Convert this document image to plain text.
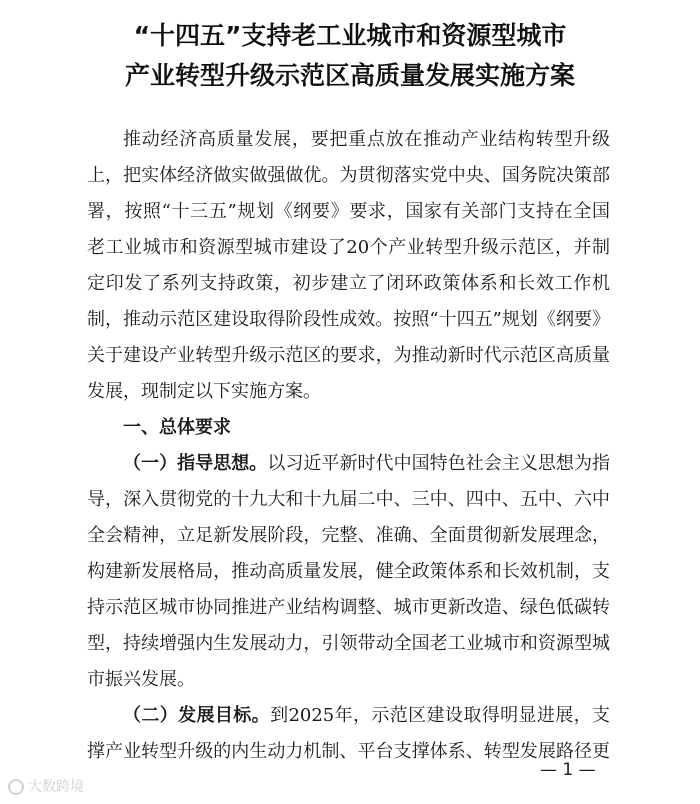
“十四五”支持老工业城市和资源型城市
产业转型升级示范区高质量发展实施方案
推动经济高质量发展，要把重点放在推动产业结构转型升级
上，把实体经济做实做强做优。为贯彻落实党中央、国务院决策部
署，按照“十三五”规划《纲要》要求，国家有关部门支持在全国
老工业城市和资源型城市建设了20个产业转型升级示范区，并制
定印发了系列支持政策，初步建立了闭环政策体系和长效工作机
制，推动示范区建设取得阶段性成效。按照“十四五”规划《纲要》
关于建设产业转型升级示范区的要求，为推动新时代示范区高质量
发展，现制定以下实施方案。
一、总体要求
（一）指导思想。以习近平新时代中国特色社会主义思想为指
导，深入贯彻党的十九大和十九届二中、三中、四中、五中、六中
全会精神，立足新发展阶段，完整、准确、全面贯彻新发展理念，
构建新发展格局，推动高质量发展，健全政策体系和长效机制，支
持示范区城市协同推进产业结构调整、城市更新改造、绿色低碳转
型，持续增强内生发展动力，引领带动全国老工业城市和资源型城
市振兴发展。
（二）发展目标。到2025年，示范区建设取得明显进展，支
撑产业转型升级的内生动力机制、平台支撑体系、转型发展路径更
— 1 —
大数跨境
